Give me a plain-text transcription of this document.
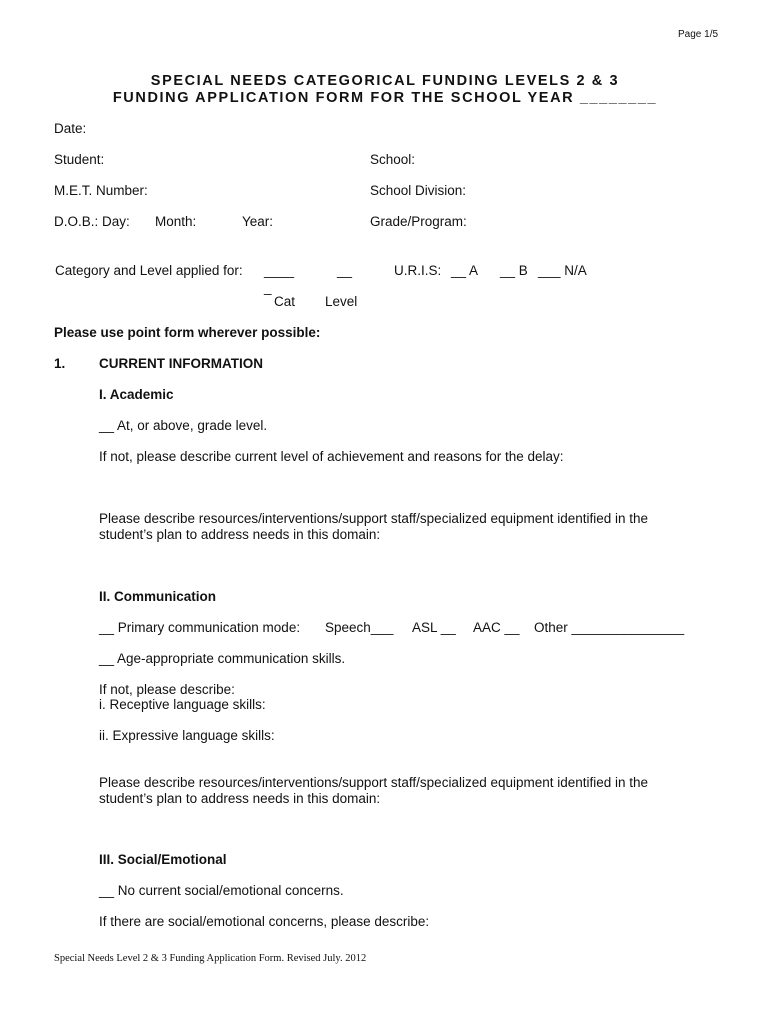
Page 1/5
SPECIAL NEEDS CATEGORICAL FUNDING LEVELS 2 & 3
FUNDING APPLICATION FORM FOR THE SCHOOL YEAR ________
Date:
Student:	School:
M.E.T. Number:	School Division:
D.O.B.: Day: Month:	Year:	Grade/Program:
Category and Level applied for: ____	__	U.R.I.S: __ A __ B ___ N/A
_
Cat Level
Please use point form wherever possible:
1. CURRENT INFORMATION
I. Academic
__ At, or above, grade level.
If not, please describe current level of achievement and reasons for the delay:
Please describe resources/interventions/support staff/specialized equipment identified in the student’s plan to address needs in this domain:
II. Communication
__ Primary communication mode: Speech___ ASL __ AAC __ Other _______________
__ Age-appropriate communication skills.
If not, please describe:
i. Receptive language skills:
ii. Expressive language skills:
Please describe resources/interventions/support staff/specialized equipment identified in the student’s plan to address needs in this domain:
III. Social/Emotional
__ No current social/emotional concerns.
If there are social/emotional concerns, please describe:
Special Needs Level 2 & 3 Funding Application Form. Revised July. 2012
